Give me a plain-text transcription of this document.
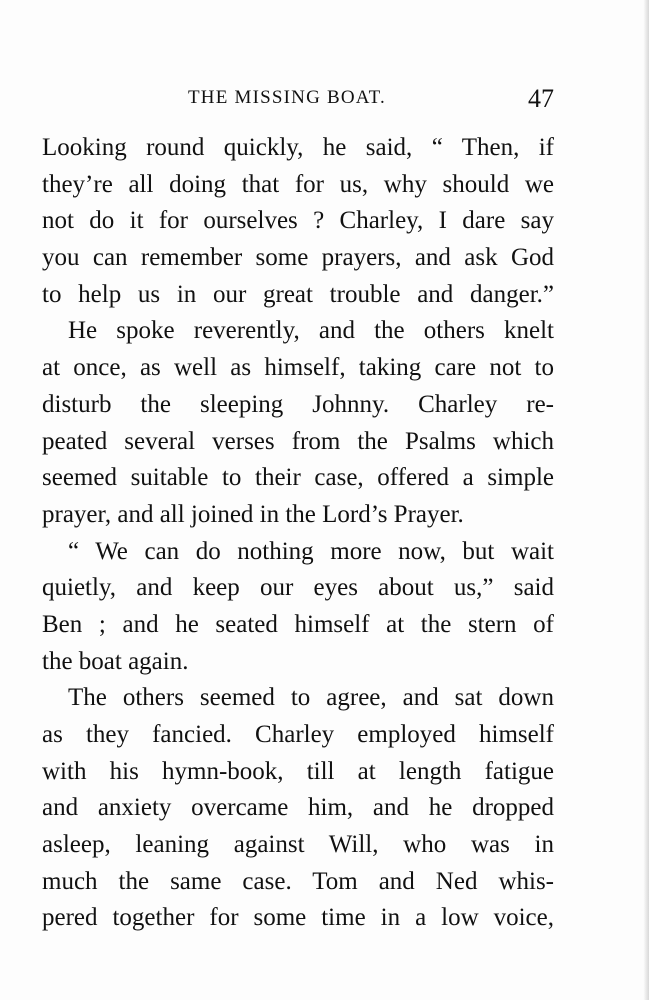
THE MISSING BOAT.	47
Looking round quickly, he said, “ Then, if
they’re all doing that for us, why should we
not do it for ourselves ? Charley, I dare say
you can remember some prayers, and ask God
to help us in our great trouble and danger.”
He spoke reverently, and the others knelt
at once, as well as himself, taking care not to
disturb the sleeping Johnny. Charley re-
peated several verses from the Psalms which
seemed suitable to their case, offered a simple
prayer, and all joined in the Lord’s Prayer.
“ We can do nothing more now, but wait
quietly, and keep our eyes about us,” said
Ben ; and he seated himself at the stern of
the boat again.
The others seemed to agree, and sat down
as they fancied. Charley employed himself
with his hymn-book, till at length fatigue
and anxiety overcame him, and he dropped
asleep, leaning against Will, who was in
much the same case. Tom and Ned whis-
pered together for some time in a low voice,
